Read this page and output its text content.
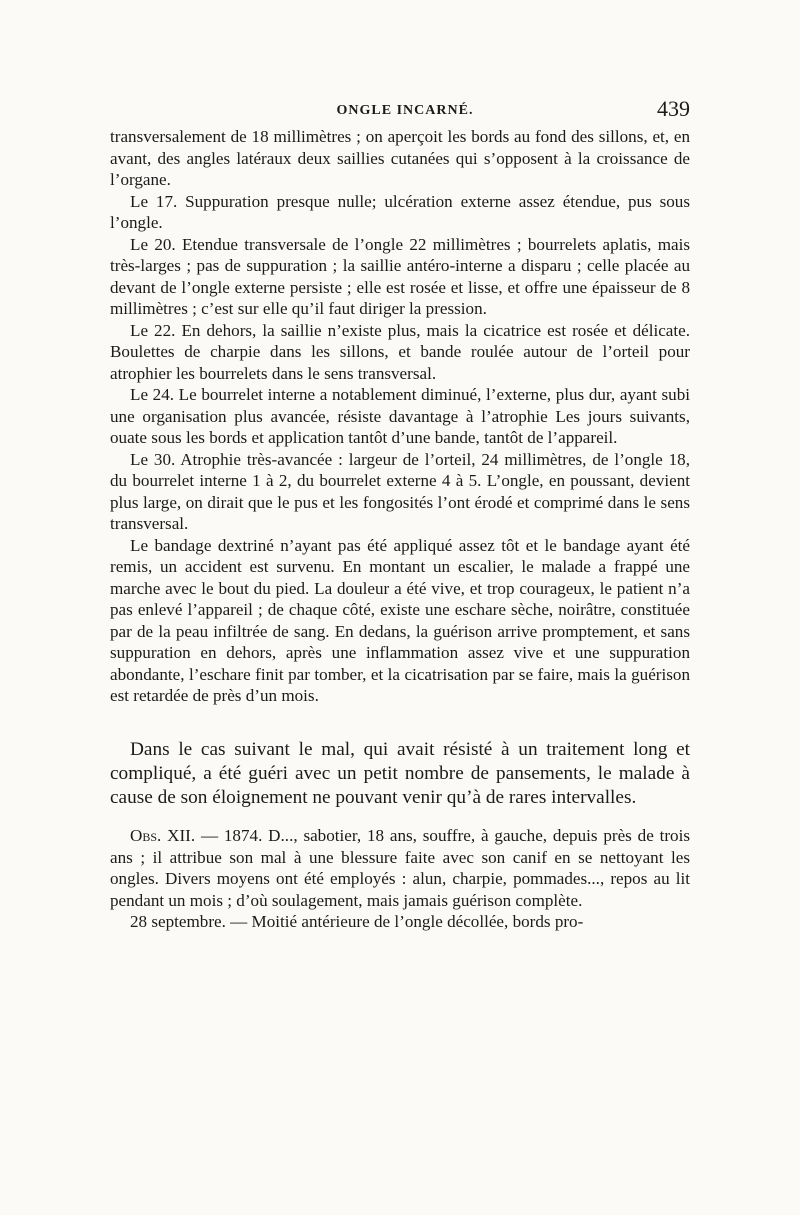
ONGLE INCARNÉ.	439

transversalement de 18 millimètres ; on aperçoit les bords au fond des sillons, et, en avant, des angles latéraux deux saillies cutanées qui s’opposent à la croissance de l’organe.

Le 17. Suppuration presque nulle; ulcération externe assez étendue, pus sous l’ongle.

Le 20. Etendue transversale de l’ongle 22 millimètres ; bourrelets aplatis, mais très-larges ; pas de suppuration ; la saillie antéro-interne a disparu ; celle placée au devant de l’ongle externe persiste ; elle est rosée et lisse, et offre une épaisseur de 8 millimètres ; c’est sur elle qu’il faut diriger la pression.

Le 22. En dehors, la saillie n’existe plus, mais la cicatrice est rosée et délicate. Boulettes de charpie dans les sillons, et bande roulée autour de l’orteil pour atrophier les bourrelets dans le sens transversal.

Le 24. Le bourrelet interne a notablement diminué, l’externe, plus dur, ayant subi une organisation plus avancée, résiste davantage à l’atrophie Les jours suivants, ouate sous les bords et application tantôt d’une bande, tantôt de l’appareil.

Le 30. Atrophie très-avancée : largeur de l’orteil, 24 millimètres, de l’ongle 18, du bourrelet interne 1 à 2, du bourrelet externe 4 à 5. L’ongle, en poussant, devient plus large, on dirait que le pus et les fongosités l’ont érodé et comprimé dans le sens transversal.

Le bandage dextriné n’ayant pas été appliqué assez tôt et le bandage ayant été remis, un accident est survenu. En montant un escalier, le malade a frappé une marche avec le bout du pied. La douleur a été vive, et trop courageux, le patient n’a pas enlevé l’appareil ; de chaque côté, existe une eschare sèche, noirâtre, constituée par de la peau infiltrée de sang. En dedans, la guérison arrive promptement, et sans suppuration en dehors, après une inflammation assez vive et une suppuration abondante, l’eschare finit par tomber, et la cicatrisation par se faire, mais la guérison est retardée de près d’un mois.

Dans le cas suivant le mal, qui avait résisté à un traitement long et compliqué, a été guéri avec un petit nombre de pansements, le malade à cause de son éloignement ne pouvant venir qu’à de rares intervalles.

Obs. XII. — 1874. D..., sabotier, 18 ans, souffre, à gauche, depuis près de trois ans ; il attribue son mal à une blessure faite avec son canif en se nettoyant les ongles. Divers moyens ont été employés : alun, charpie, pommades..., repos au lit pendant un mois ; d’où soulagement, mais jamais guérison complète.

28 septembre. — Moitié antérieure de l’ongle décollée, bords pro-
